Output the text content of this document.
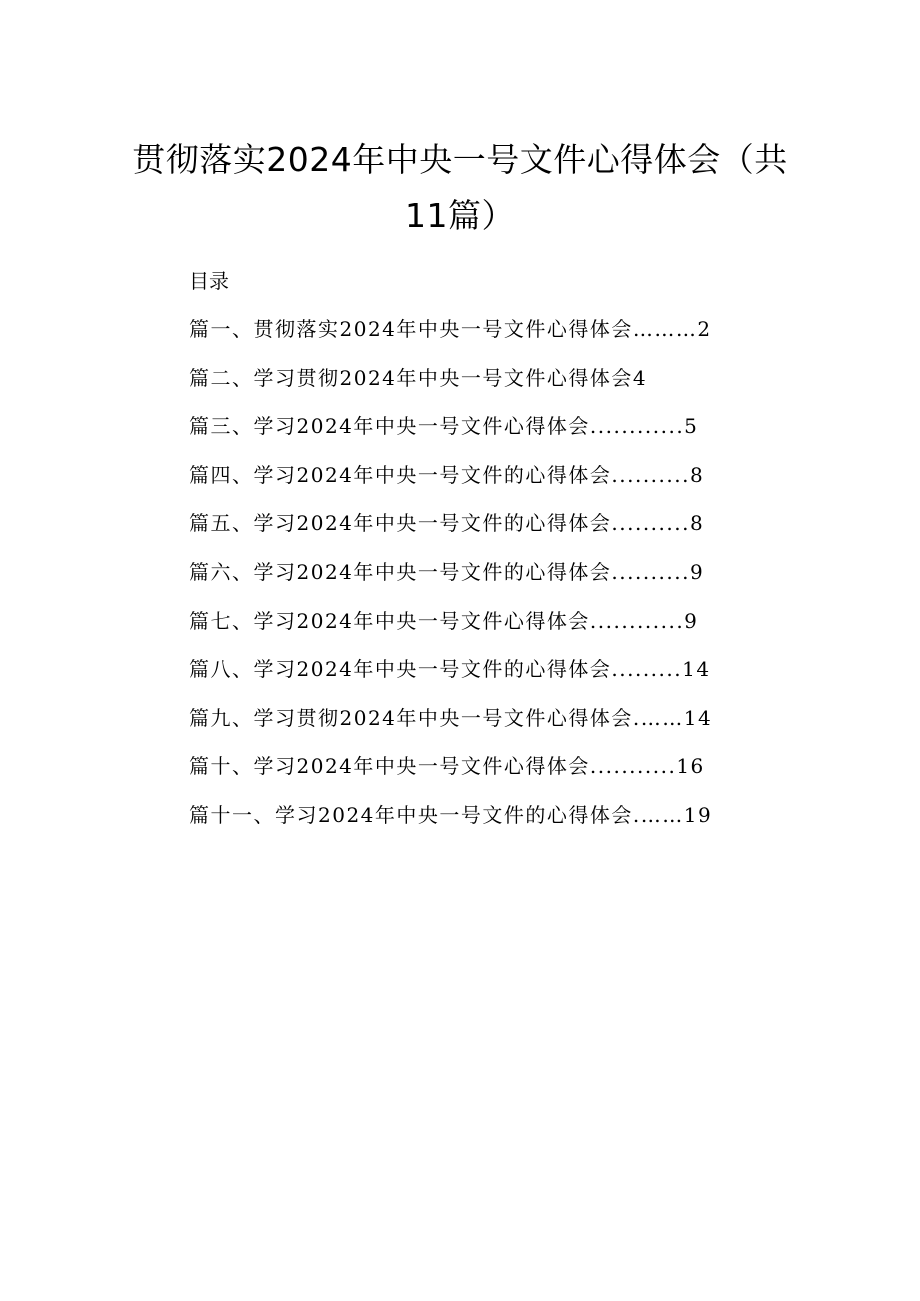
贯彻落实2024年中央一号文件心得体会（共
11篇）
目录
篇一、贯彻落实2024年中央一号文件心得体会………2
篇二、学习贯彻2024年中央一号文件心得体会4
篇三、学习2024年中央一号文件心得体会............5
篇四、学习2024年中央一号文件的心得体会..........8
篇五、学习2024年中央一号文件的心得体会..........8
篇六、学习2024年中央一号文件的心得体会..........9
篇七、学习2024年中央一号文件心得体会............9
篇八、学习2024年中央一号文件的心得体会.........14
篇九、学习贯彻2024年中央一号文件心得体会.……14
篇十、学习2024年中央一号文件心得体会...........16
篇十一、学习2024年中央一号文件的心得体会.……19
